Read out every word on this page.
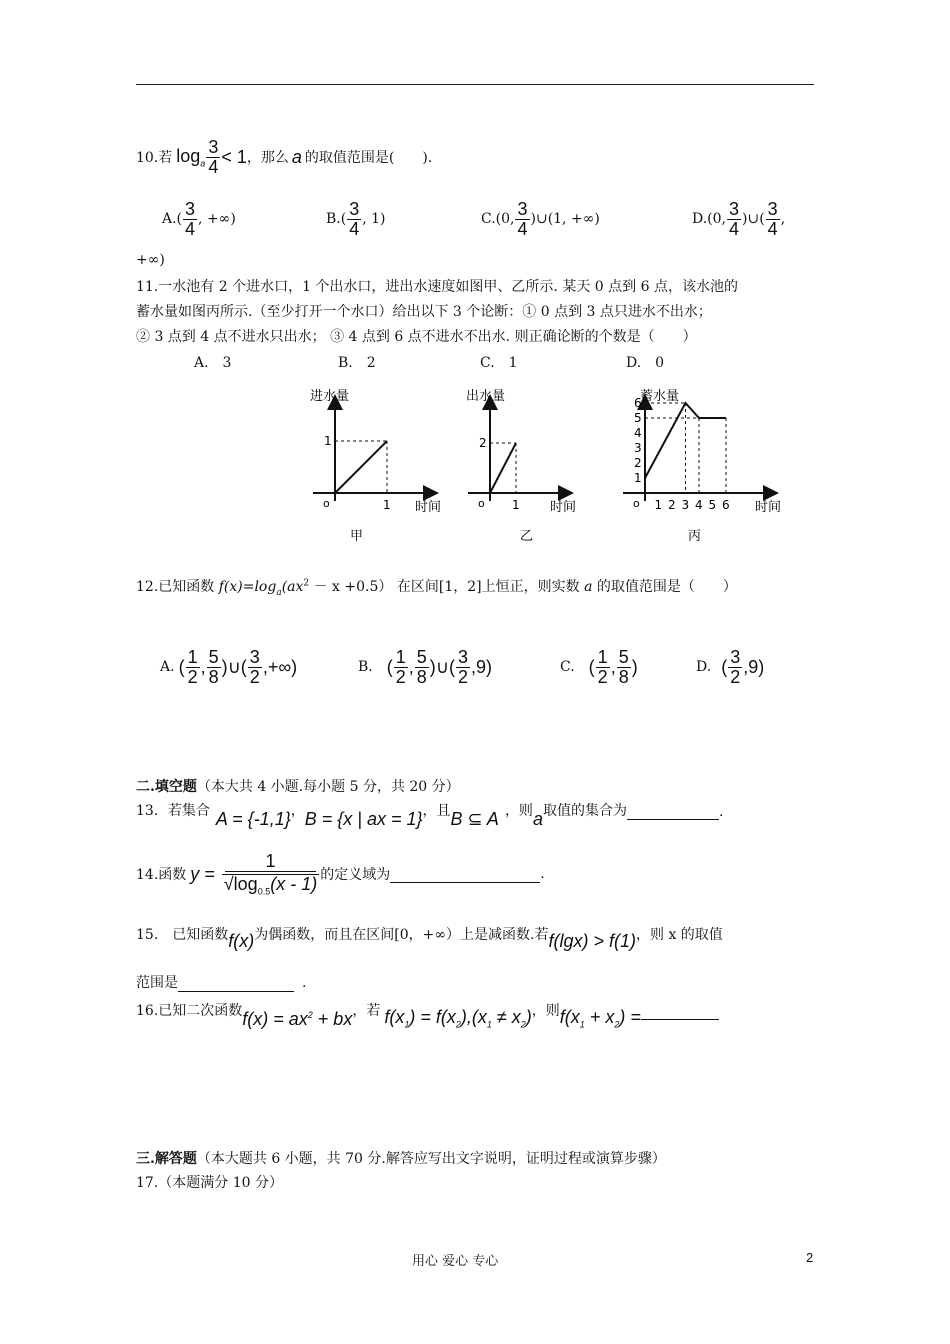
10.若 $\log_a \frac{3}{4} < 1$ ，那么 a 的取值范围是(　　).
$A.( \frac{3}{4}$ , +∞)	$B.( \frac{3}{4}$ , 1)	C.(0, $\frac{3}{4}$ )∪(1, +∞)	D.(0, $\frac{3}{4}$ )∪( $\frac{3}{4}$ ,
+∞)
11.一水池有 2 个进水口，1 个出水口，进出水速度如图甲、乙所示. 某天 0 点到 6 点，该水池的
蓄水量如图丙所示.（至少打开一个水口）给出以下 3 个论断：① 0 点到 3 点只进水不出水；
② 3 点到 4 点不进水只出水； ③ 4 点到 6 点不进水不出水. 则正确论断的个数是（　　）
A.　3	B.　2	C.　1	D.　0
进水量
时间
o
甲
1
1
出水量
时间
o
乙
2
1
蓄水量
时间
o
丙
1
2
3
4
5
6
1 2 3 4 5 6
12.已知函数 $f(x)=\log_a(ax^2 - x +0.5)$ 在区间[1，2]上恒正，则实数 a 的取值范围是（　　）
A. ( $\frac{1}{2}$ , $\frac{5}{8}$ ) ∪ ( $\frac{3}{2}$ ,+∞)	B. ( $\frac{1}{2}$ , $\frac{5}{8}$ ) ∪ ( $\frac{3}{2} ,9$)	C. ( $\frac{1}{2}$ , $\frac{5}{8}$ )	D. ( $\frac{3}{2} ,9$)
二.填空题（本大共 4 小题.每小题 5 分，共 20 分）
13．若集合 A = {-1,1} ， B = {x | ax = 1} ，且 B ⊆ A ，则 a 取值的集合为	.
14.函数 $y = \frac{1}{√\log_{0.5}(x - 1)}$ 的定义域为	.
15.　已知函数 f(x) 为偶函数，而且在区间[0，+∞）上是减函数.若 f(lgx) > f(1) ，则 x 的取值
范围是	.
16.已知二次函数 $f(x) = ax^2$ + bx ，若 $f(x_1) = f(x_2),(x_1 \ne x_2)$ ，则 $f(x_1 + x_2)$ =
三.解答题（本大题共 6 小题，共 70 分.解答应写出文字说明，证明过程或演算步骤）
17.（本题满分 10 分）
用心 爱心 专心	2
